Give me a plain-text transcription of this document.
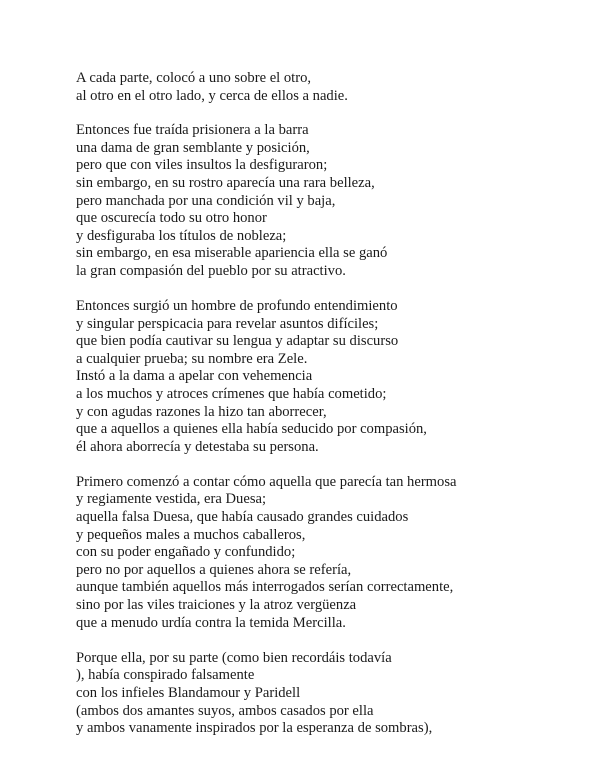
A cada parte, colocó a uno sobre el otro,
al otro en el otro lado, y cerca de ellos a nadie.
Entonces fue traída prisionera a la barra
una dama de gran semblante y posición,
pero que con viles insultos la desfiguraron;
sin embargo, en su rostro aparecía una rara belleza,
pero manchada por una condición vil y baja,
que oscurecía todo su otro honor
y desfiguraba los títulos de nobleza;
sin embargo, en esa miserable apariencia ella se ganó
la gran compasión del pueblo por su atractivo.
Entonces surgió un hombre de profundo entendimiento
y singular perspicacia para revelar asuntos difíciles;
que bien podía cautivar su lengua y adaptar su discurso
a cualquier prueba; su nombre era Zele.
Instó a la dama a apelar con vehemencia
a los muchos y atroces crímenes que había cometido;
y con agudas razones la hizo tan aborrecer,
que a aquellos a quienes ella había seducido por compasión,
él ahora aborrecía y detestaba su persona.
Primero comenzó a contar cómo aquella que parecía tan hermosa
y regiamente vestida, era Duesa;
aquella falsa Duesa, que había causado grandes cuidados
y pequeños males a muchos caballeros,
con su poder engañado y confundido;
pero no por aquellos a quienes ahora se refería,
aunque también aquellos más interrogados serían correctamente,
sino por las viles traiciones y la atroz vergüenza
que a menudo urdía contra la temida Mercilla.
Porque ella, por su parte (como bien recordáis todavía
), había conspirado falsamente
con los infieles Blandamour y Paridell
(ambos dos amantes suyos, ambos casados por ella
y ambos vanamente inspirados por la esperanza de sombras),
